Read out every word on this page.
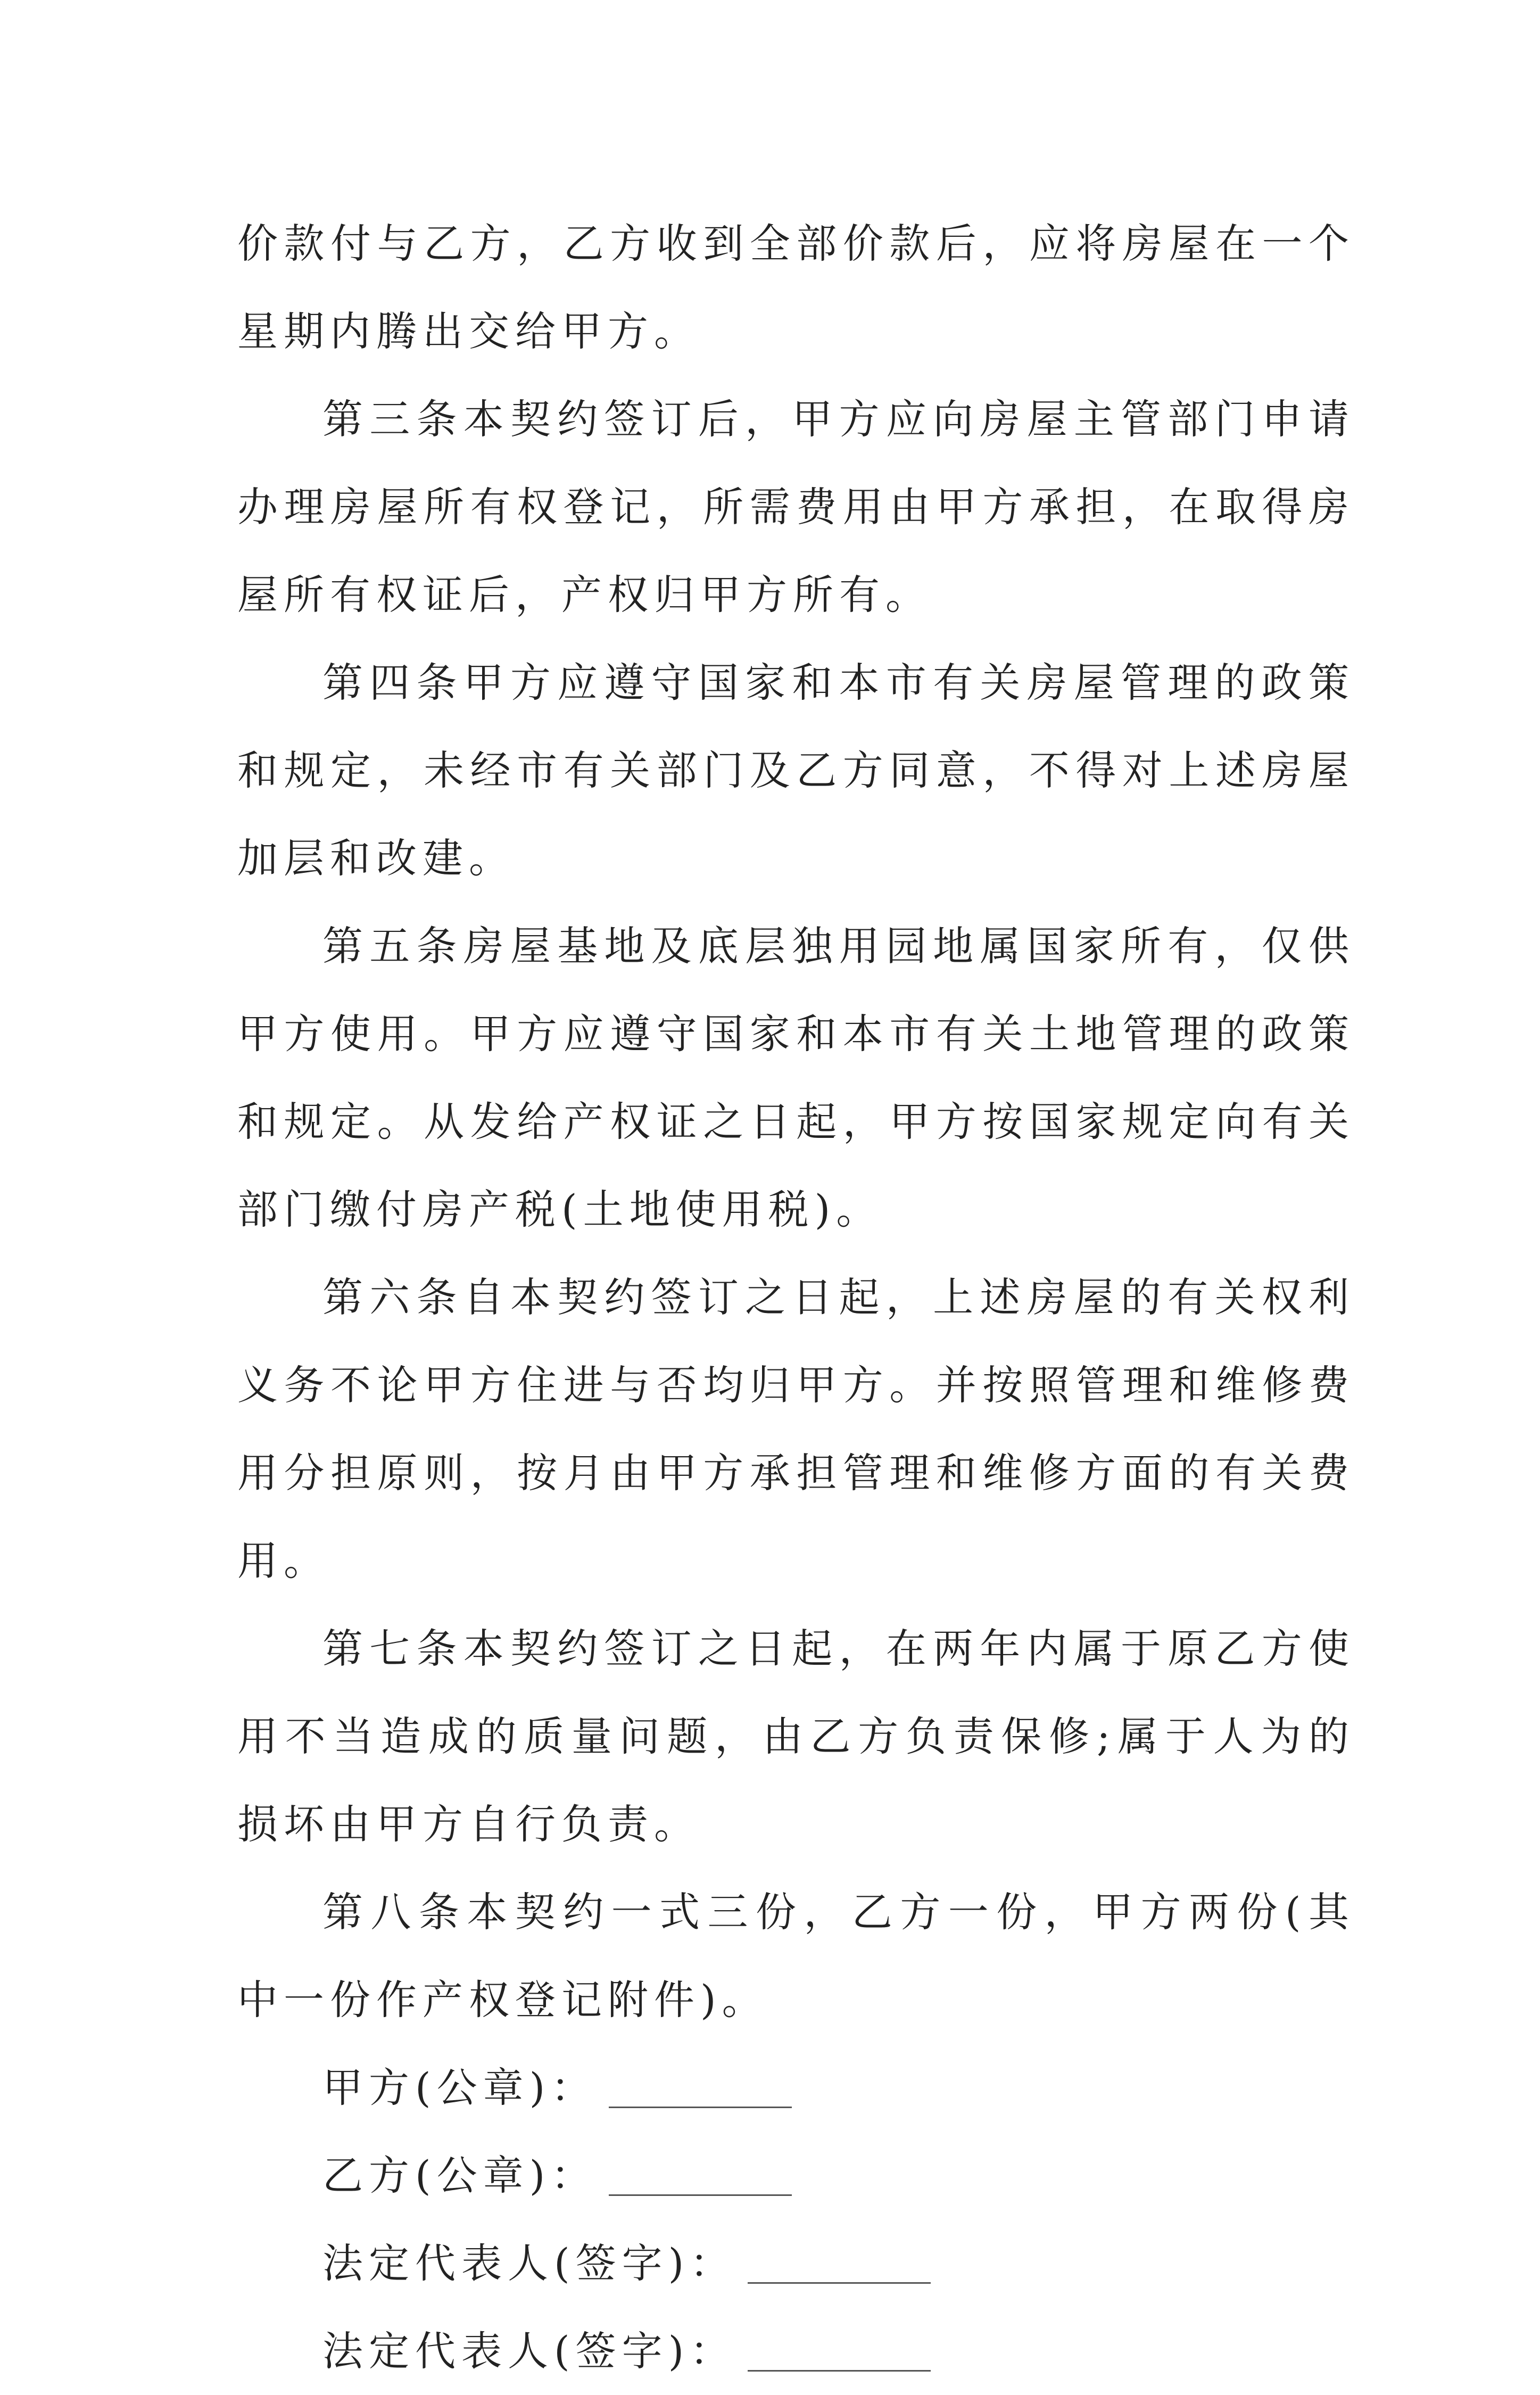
价款付与乙方，乙方收到全部价款后，应将房屋在一个星期内腾出交给甲方。

第三条本契约签订后，甲方应向房屋主管部门申请办理房屋所有权登记，所需费用由甲方承担，在取得房屋所有权证后，产权归甲方所有。

第四条甲方应遵守国家和本市有关房屋管理的政策和规定，未经市有关部门及乙方同意，不得对上述房屋加层和改建。

第五条房屋基地及底层独用园地属国家所有，仅供甲方使用。甲方应遵守国家和本市有关土地管理的政策和规定。从发给产权证之日起，甲方按国家规定向有关部门缴付房产税(土地使用税)。

第六条自本契约签订之日起，上述房屋的有关权利义务不论甲方住进与否均归甲方。并按照管理和维修费用分担原则，按月由甲方承担管理和维修方面的有关费用。

第七条本契约签订之日起，在两年内属于原乙方使用不当造成的质量问题，由乙方负责保修;属于人为的损坏由甲方自行负责。

第八条本契约一式三份，乙方一份，甲方两份(其中一份作产权登记附件)。

甲方(公章)：
乙方(公章)：
法定代表人(签字)：
法定代表人(签字)：
